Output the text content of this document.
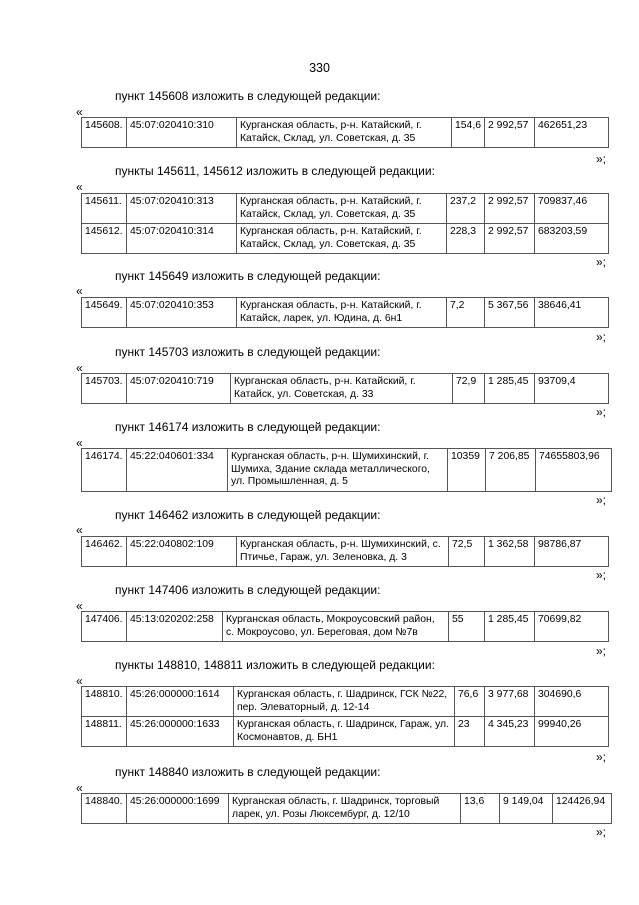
330
пункт 145608 изложить в следующей редакции:
«
145608.	45:07:020410:310	Курганская область, р-н. Катайский, г. Катайск, Склад, ул. Советская, д. 35	154,6	2 992,57	462651,23
»;
пункты 145611, 145612 изложить в следующей редакции:
«
145611.	45:07:020410:313	Курганская область, р-н. Катайский, г. Катайск, Склад, ул. Советская, д. 35	237,2	2 992,57	709837,46
145612.	45:07:020410:314	Курганская область, р-н. Катайский, г. Катайск, Склад, ул. Советская, д. 35	228,3	2 992,57	683203,59
»;
пункт 145649 изложить в следующей редакции:
«
145649.	45:07:020410:353	Курганская область, р-н. Катайский, г. Катайск, ларек, ул. Юдина, д. 6н1	7,2	5 367,56	38646,41
»;
пункт 145703 изложить в следующей редакции:
«
145703.	45:07:020410:719	Курганская область, р-н. Катайский, г. Катайск, ул. Советская, д. 33	72,9	1 285,45	93709,4
»;
пункт 146174 изложить в следующей редакции:
«
146174.	45:22:040601:334	Курганская область, р-н. Шумихинский, г. Шумиха, Здание склада металлического, ул. Промышленная, д. 5	10359	7 206,85	74655803,96
»;
пункт 146462 изложить в следующей редакции:
«
146462.	45:22:040802:109	Курганская область, р-н. Шумихинский, с. Птичье, Гараж, ул. Зеленовка, д. 3	72,5	1 362,58	98786,87
»;
пункт 147406 изложить в следующей редакции:
«
147406.	45:13:020202:258	Курганская область, Мокроусовский район, с. Мокроусово, ул. Береговая, дом №7в	55	1 285,45	70699,82
»;
пункты 148810, 148811 изложить в следующей редакции:
«
148810.	45:26:000000:1614	Курганская область, г. Шадринск, ГСК №22, пер. Элеваторный, д. 12-14	76,6	3 977,68	304690,6
148811.	45:26:000000:1633	Курганская область, г. Шадринск, Гараж, ул. Космонавтов, д. БН1	23	4 345,23	99940,26
»;
пункт 148840 изложить в следующей редакции:
«
148840.	45:26:000000:1699	Курганская область, г. Шадринск, торговый ларек, ул. Розы Люксембург, д. 12/10	13,6	9 149,04	124426,94
»;
